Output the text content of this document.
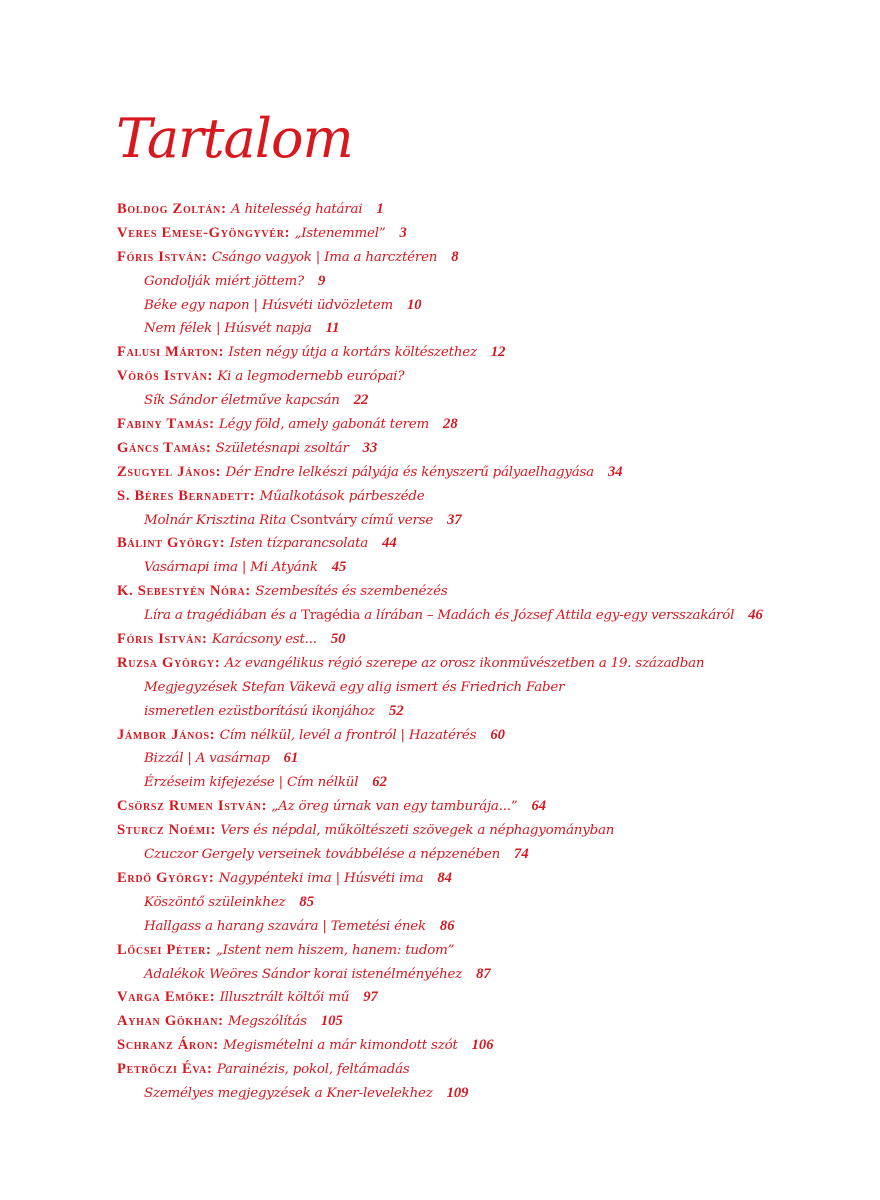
Tartalom
Boldog Zoltán: A hitelesség határai 1
Veres Emese-Gyöngyvér: „Istenemmel” 3
Fóris István: Csángo vagyok | Ima a harcztéren 8
Gondolják miért jöttem? 9
Béke egy napon | Húsvéti üdvözletem 10
Nem félek | Húsvét napja 11
Falusi Márton: Isten négy útja a kortárs költészethez 12
Vörös István: Ki a legmodernebb európai?
Sík Sándor életműve kapcsán 22
Fabiny Tamás: Légy föld, amely gabonát terem 28
Gáncs Tamás: Születésnapi zsoltár 33
Zsugyel János: Dér Endre lelkészi pályája és kényszerű pályaelhagyása 34
S. Béres Bernadett: Műalkotások párbeszéde
Molnár Krisztina Rita Csontváry című verse 37
Bálint György: Isten tízparancsolata 44
Vasárnapi ima | Mi Atyánk 45
K. Sebestyén Nóra: Szembesítés és szembenézés
Líra a tragédiában és a Tragédia a lírában – Madách és József Attila egy-egy versszakáról 46
Fóris István: Karácsony est... 50
Ruzsa György: Az evangélikus régió szerepe az orosz ikonművészetben a 19. században
Megjegyzések Stefan Väkevä egy alig ismert és Friedrich Faber
ismeretlen ezüstborítású ikonjához 52
Jámbor János: Cím nélkül, levél a frontról | Hazatérés 60
Bizzál | A vasárnap 61
Érzéseim kifejezése | Cím nélkül 62
Csörsz Rumen István: „Az öreg úrnak van egy tamburája...” 64
Sturcz Noémi: Vers és népdal, műköltészeti szövegek a néphagyományban
Czuczor Gergely verseinek továbbélése a népzenében 74
Erdő György: Nagypénteki ima | Húsvéti ima 84
Köszöntő szüleinkhez 85
Hallgass a harang szavára | Temetési ének 86
Lőcsei Péter: „Istent nem hiszem, hanem: tudom”
Adalékok Weöres Sándor korai istenélményéhez 87
Varga Emőke: Illusztrált költői mű 97
Ayhan Gökhan: Megszólítás 105
Schranz Áron: Megismételni a már kimondott szót 106
Petrőczi Éva: Parainézis, pokol, feltámadás
Személyes megjegyzések a Kner-levelekhez 109
